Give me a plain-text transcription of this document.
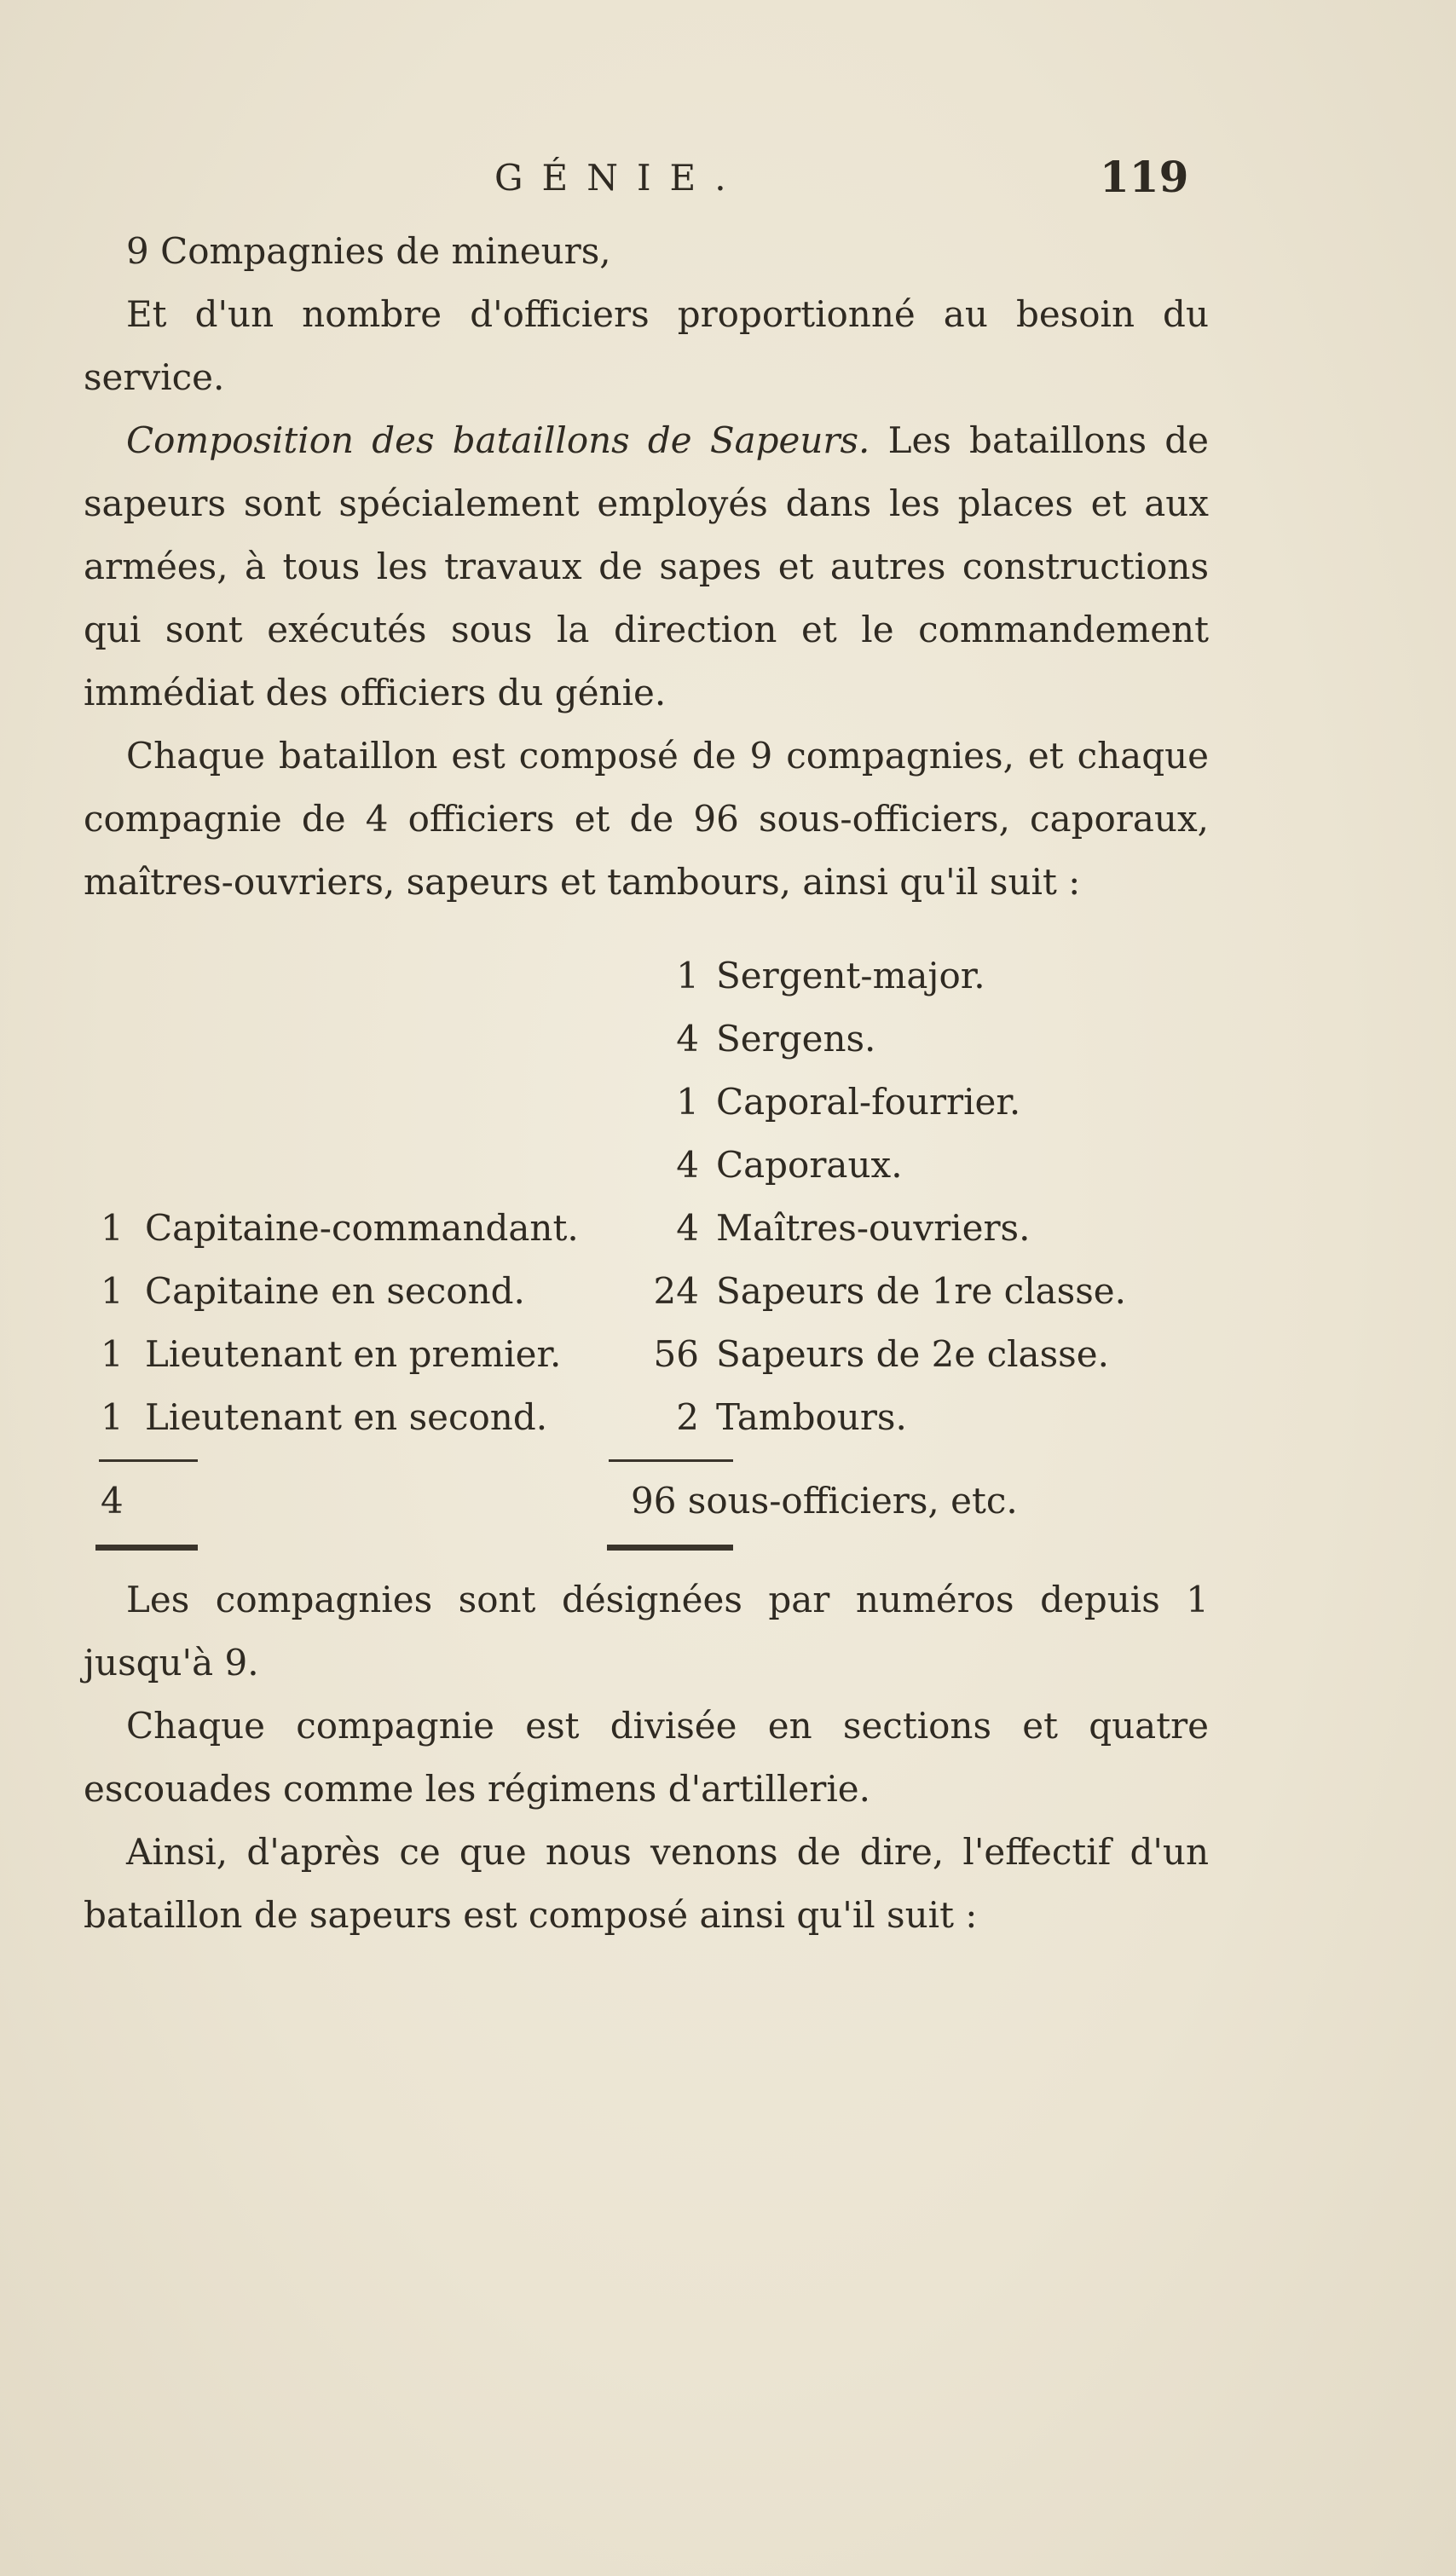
GÉNIE.	119

9 Compagnies de mineurs,

Et d'un nombre d'officiers proportionné au besoin du service.

Composition des bataillons de Sapeurs. Les bataillons de sapeurs sont spécialement employés dans les places et aux armées, à tous les travaux de sapes et autres constructions qui sont exécutés sous la direction et le commandement immédiat des officiers du génie.

Chaque bataillon est composé de 9 compagnies, et chaque compagnie de 4 officiers et de 96 sous-officiers, caporaux, maîtres-ouvriers, sapeurs et tambours, ainsi qu'il suit :

1 Sergent-major.
4 Sergens.
1 Caporal-fourrier.
4 Caporaux.
4 Maîtres-ouvriers.
24 Sapeurs de 1re classe.
56 Sapeurs de 2e classe.
2 Tambours.
1 Capitaine-commandant.
1 Capitaine en second.
1 Lieutenant en premier.
1 Lieutenant en second.
4	96 sous-officiers, etc.

Les compagnies sont désignées par numéros depuis 1 jusqu'à 9.

Chaque compagnie est divisée en sections et quatre escouades comme les régimens d'artillerie.

Ainsi, d'après ce que nous venons de dire, l'effectif d'un bataillon de sapeurs est composé ainsi qu'il suit :
